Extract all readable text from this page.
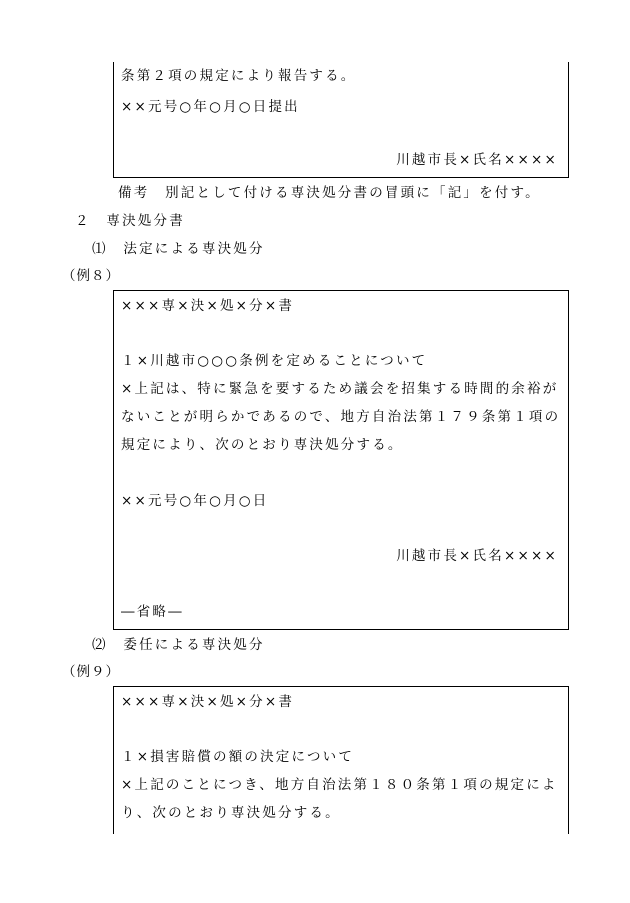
条第２項の規定により報告する。
××元号○年○月○日提出
川越市長×氏名××××
備考　別記として付ける専決処分書の冒頭に「記」を付す。
２　専決処分書
⑴　法定による専決処分
（例８）
×××専×決×処×分×書
１×川越市○○○条例を定めることについて
×上記は、特に緊急を要するため議会を招集する時間的余裕が
ないことが明らかであるので、地方自治法第１７９条第１項の
規定により、次のとおり専決処分する。
××元号○年○月○日
川越市長×氏名××××
―省略―
⑵　委任による専決処分
（例９）
×××専×決×処×分×書
１×損害賠償の額の決定について
×上記のことにつき、地方自治法第１８０条第１項の規定によ
り、次のとおり専決処分する。
